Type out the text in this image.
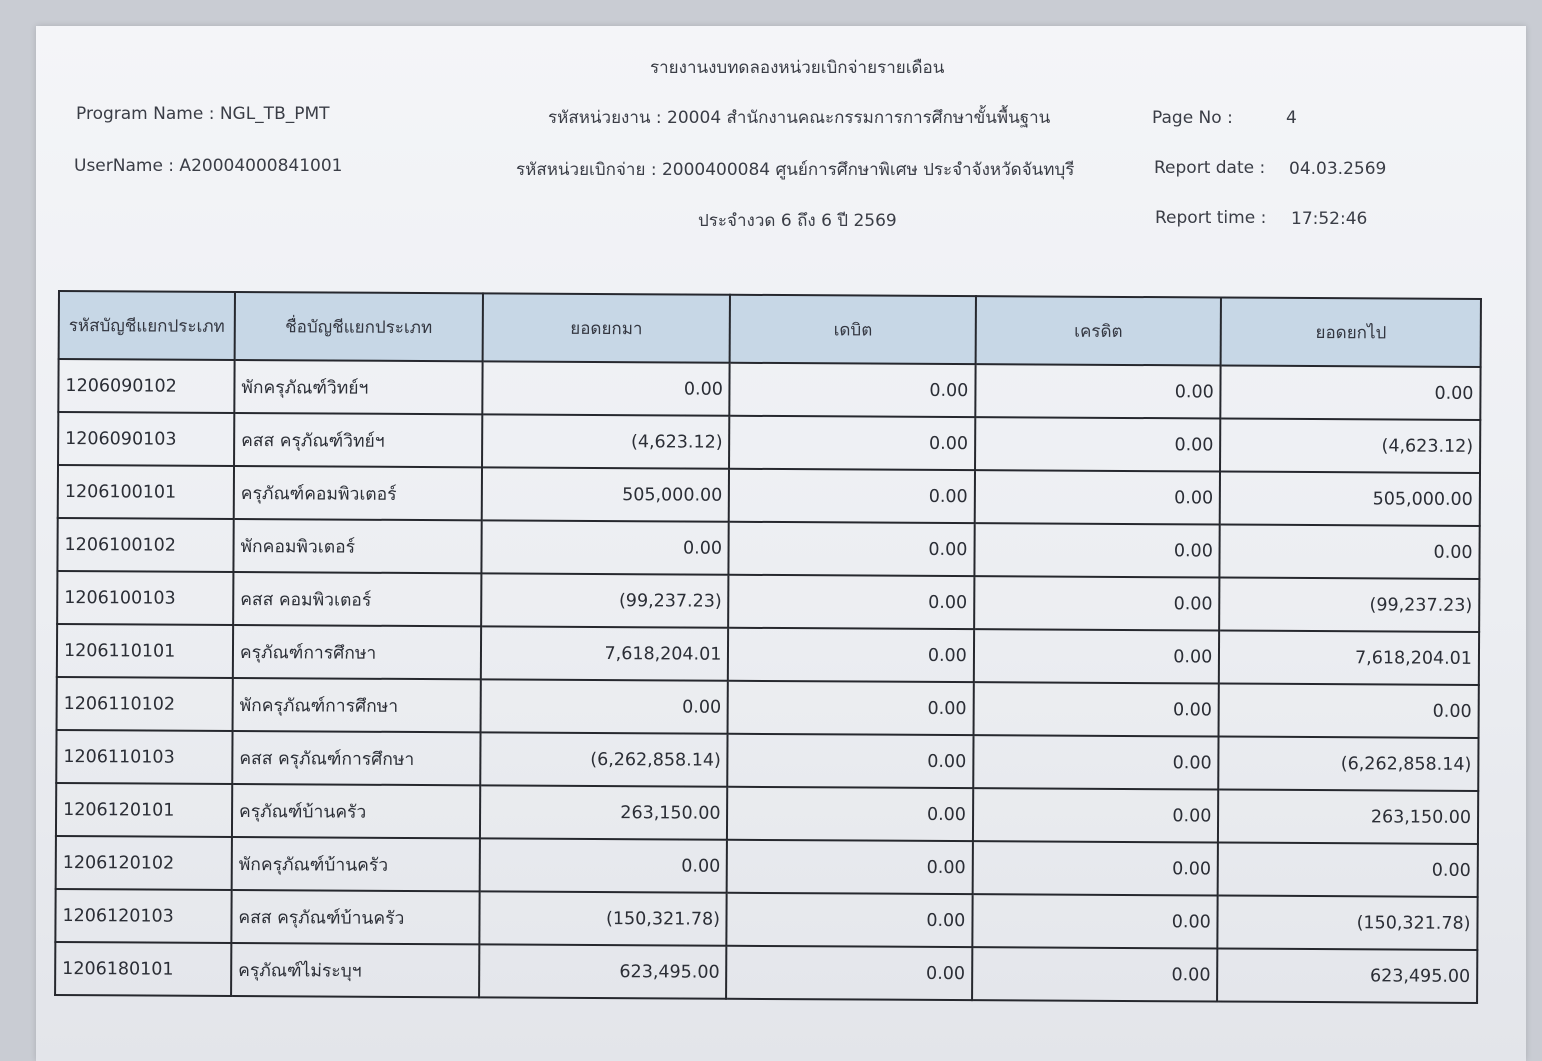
รายงานงบทดลองหน่วยเบิกจ่ายรายเดือน
Program Name : NGL_TB_PMT
UserName : A20004000841001
รหัสหน่วยงาน : 20004 สำนักงานคณะกรรมการการศึกษาขั้นพื้นฐาน
รหัสหน่วยเบิกจ่าย : 2000400084 ศูนย์การศึกษาพิเศษ ประจำจังหวัดจันทบุรี
ประจำงวด 6 ถึง 6 ปี 2569
Page No :	4
Report date : 04.03.2569
Report time : 17:52:46
รหัสบัญชีแยกประเภท	ชื่อบัญชีแยกประเภท	ยอดยกมา	เดบิต	เครดิต	ยอดยกไป
1206090102	พักครุภัณฑ์วิทย์ฯ	0.00	0.00	0.00	0.00
1206090103	คสส ครุภัณฑ์วิทย์ฯ	(4,623.12)	0.00	0.00	(4,623.12)
1206100101	ครุภัณฑ์คอมพิวเตอร์	505,000.00	0.00	0.00	505,000.00
1206100102	พักคอมพิวเตอร์	0.00	0.00	0.00	0.00
1206100103	คสส คอมพิวเตอร์	(99,237.23)	0.00	0.00	(99,237.23)
1206110101	ครุภัณฑ์การศึกษา	7,618,204.01	0.00	0.00	7,618,204.01
1206110102	พักครุภัณฑ์การศึกษา	0.00	0.00	0.00	0.00
1206110103	คสส ครุภัณฑ์การศึกษา	(6,262,858.14)	0.00	0.00	(6,262,858.14)
1206120101	ครุภัณฑ์บ้านครัว	263,150.00	0.00	0.00	263,150.00
1206120102	พักครุภัณฑ์บ้านครัว	0.00	0.00	0.00	0.00
1206120103	คสส ครุภัณฑ์บ้านครัว	(150,321.78)	0.00	0.00	(150,321.78)
1206180101	ครุภัณฑ์ไม่ระบุฯ	623,495.00	0.00	0.00	623,495.00
